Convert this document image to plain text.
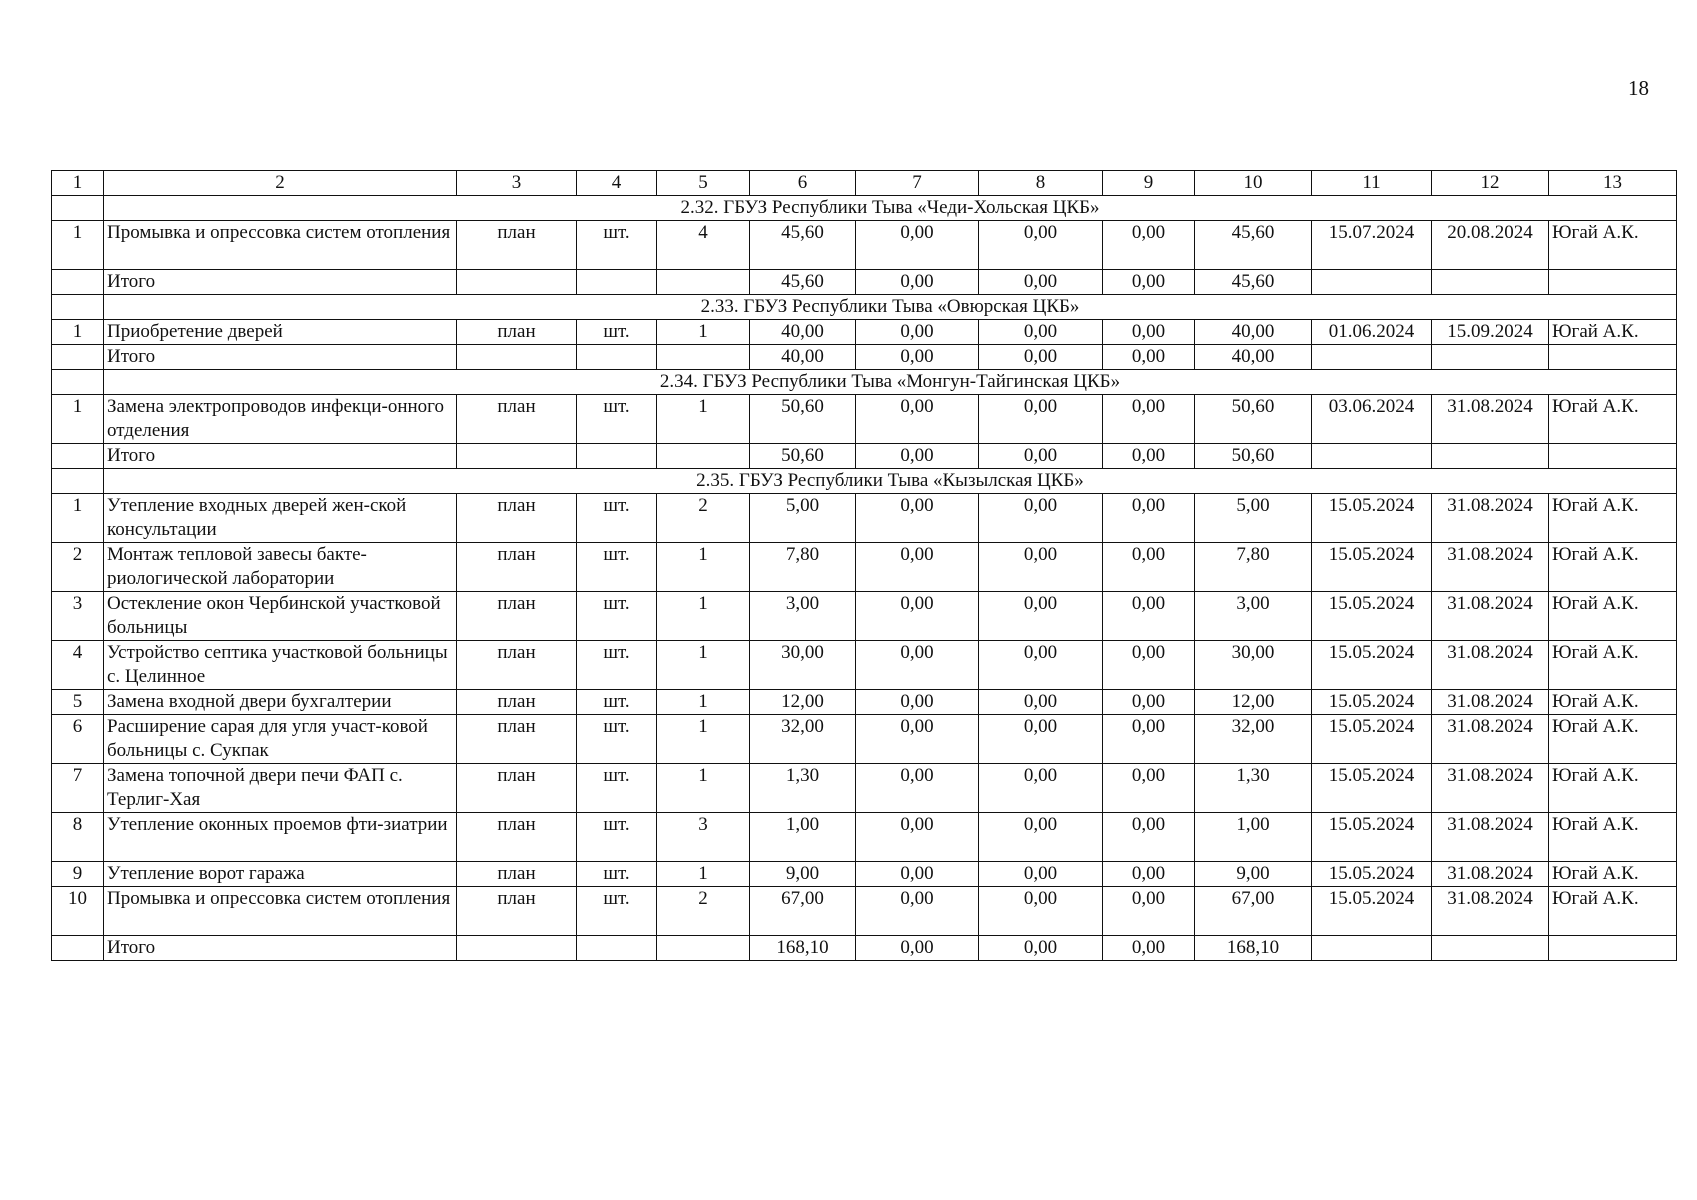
18
1	2	3	4	5	6	7	8	9	10	11	12	13
	2.32. ГБУЗ Республики Тыва «Чеди-Хольская ЦКБ»											
1	Промывка и опрессовка систем отопления	план	шт.	4	45,60	0,00	0,00	0,00	45,60	15.07.2024	20.08.2024	Югай А.К.
	Итого				45,60	0,00	0,00	0,00	45,60			
	2.33. ГБУЗ Республики Тыва «Овюрская ЦКБ»											
1	Приобретение дверей	план	шт.	1	40,00	0,00	0,00	0,00	40,00	01.06.2024	15.09.2024	Югай А.К.
	Итого				40,00	0,00	0,00	0,00	40,00			
	2.34. ГБУЗ Республики Тыва «Монгун-Тайгинская ЦКБ»											
1	Замена электропроводов инфекци-онного отделения	план	шт.	1	50,60	0,00	0,00	0,00	50,60	03.06.2024	31.08.2024	Югай А.К.
	Итого				50,60	0,00	0,00	0,00	50,60			
	2.35. ГБУЗ Республики Тыва «Кызылская ЦКБ»											
1	Утепление входных дверей жен-ской консультации	план	шт.	2	5,00	0,00	0,00	0,00	5,00	15.05.2024	31.08.2024	Югай А.К.
2	Монтаж тепловой завесы бакте-риологической лаборатории	план	шт.	1	7,80	0,00	0,00	0,00	7,80	15.05.2024	31.08.2024	Югай А.К.
3	Остекление окон Чербинской участковой больницы	план	шт.	1	3,00	0,00	0,00	0,00	3,00	15.05.2024	31.08.2024	Югай А.К.
4	Устройство септика участковой больницы с. Целинное	план	шт.	1	30,00	0,00	0,00	0,00	30,00	15.05.2024	31.08.2024	Югай А.К.
5	Замена входной двери бухгалтерии	план	шт.	1	12,00	0,00	0,00	0,00	12,00	15.05.2024	31.08.2024	Югай А.К.
6	Расширение сарая для угля участ-ковой больницы с. Сукпак	план	шт.	1	32,00	0,00	0,00	0,00	32,00	15.05.2024	31.08.2024	Югай А.К.
7	Замена топочной двери печи ФАП с. Терлиг-Хая	план	шт.	1	1,30	0,00	0,00	0,00	1,30	15.05.2024	31.08.2024	Югай А.К.
8	Утепление оконных проемов фти-зиатрии	план	шт.	3	1,00	0,00	0,00	0,00	1,00	15.05.2024	31.08.2024	Югай А.К.
9	Утепление ворот гаража	план	шт.	1	9,00	0,00	0,00	0,00	9,00	15.05.2024	31.08.2024	Югай А.К.
10	Промывка и опрессовка систем отопления	план	шт.	2	67,00	0,00	0,00	0,00	67,00	15.05.2024	31.08.2024	Югай А.К.
	Итого				168,10	0,00	0,00	0,00	168,10			
